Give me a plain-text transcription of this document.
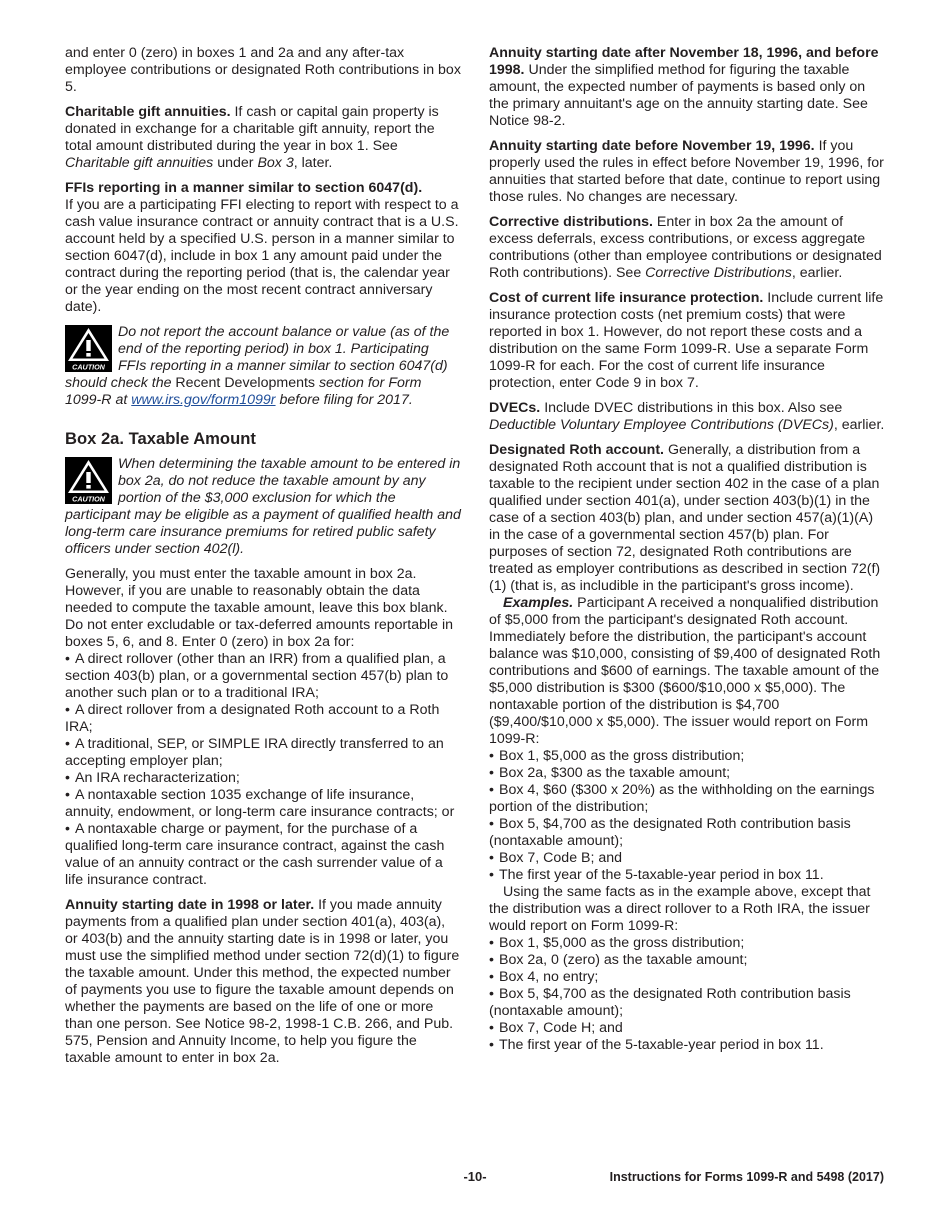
and enter 0 (zero) in boxes 1 and 2a and any after-tax employee contributions or designated Roth contributions in box 5.

Charitable gift annuities. If cash or capital gain property is donated in exchange for a charitable gift annuity, report the total amount distributed during the year in box 1. See Charitable gift annuities under Box 3, later.

FFIs reporting in a manner similar to section 6047(d).
If you are a participating FFI electing to report with respect to a cash value insurance contract or annuity contract that is a U.S. account held by a specified U.S. person in a manner similar to section 6047(d), include in box 1 any amount paid under the contract during the reporting period (that is, the calendar year or the year ending on the most recent contract anniversary date).

CAUTION
Do not report the account balance or value (as of the end of the reporting period) in box 1. Participating FFIs reporting in a manner similar to section 6047(d) should check the Recent Developments section for Form 1099-R at www.irs.gov/form1099r before filing for 2017.
Box 2a. Taxable Amount
CAUTION
When determining the taxable amount to be entered in box 2a, do not reduce the taxable amount by any portion of the $3,000 exclusion for which the participant may be eligible as a payment of qualified health and long-term care insurance premiums for retired public safety officers under section 402(l).

Generally, you must enter the taxable amount in box 2a. However, if you are unable to reasonably obtain the data needed to compute the taxable amount, leave this box blank. Do not enter excludable or tax-deferred amounts reportable in boxes 5, 6, and 8. Enter 0 (zero) in box 2a for:

• A direct rollover (other than an IRR) from a qualified plan, a section 403(b) plan, or a governmental section 457(b) plan to another such plan or to a traditional IRA;
• A direct rollover from a designated Roth account to a Roth IRA;
• A traditional, SEP, or SIMPLE IRA directly transferred to an accepting employer plan;
• An IRA recharacterization;
• A nontaxable section 1035 exchange of life insurance, annuity, endowment, or long-term care insurance contracts; or
• A nontaxable charge or payment, for the purchase of a qualified long-term care insurance contract, against the cash value of an annuity contract or the cash surrender value of a life insurance contract.

Annuity starting date in 1998 or later. If you made annuity payments from a qualified plan under section 401(a), 403(a), or 403(b) and the annuity starting date is in 1998 or later, you must use the simplified method under section 72(d)(1) to figure the taxable amount. Under this method, the expected number of payments you use to figure the taxable amount depends on whether the payments are based on the life of one or more than one person. See Notice 98-2, 1998-1 C.B. 266, and Pub. 575, Pension and Annuity Income, to help you figure the taxable amount to enter in box 2a.

Annuity starting date after November 18, 1996, and before 1998. Under the simplified method for figuring the taxable amount, the expected number of payments is based only on the primary annuitant's age on the annuity starting date. See Notice 98-2.

Annuity starting date before November 19, 1996. If you properly used the rules in effect before November 19, 1996, for annuities that started before that date, continue to report using those rules. No changes are necessary.

Corrective distributions. Enter in box 2a the amount of excess deferrals, excess contributions, or excess aggregate contributions (other than employee contributions or designated Roth contributions). See Corrective Distributions, earlier.

Cost of current life insurance protection. Include current life insurance protection costs (net premium costs) that were reported in box 1. However, do not report these costs and a distribution on the same Form 1099-R. Use a separate Form 1099-R for each. For the cost of current life insurance protection, enter Code 9 in box 7.

DVECs. Include DVEC distributions in this box. Also see Deductible Voluntary Employee Contributions (DVECs), earlier.

Designated Roth account. Generally, a distribution from a designated Roth account that is not a qualified distribution is taxable to the recipient under section 402 in the case of a plan qualified under section 401(a), under section 403(b)(1) in the case of a section 403(b) plan, and under section 457(a)(1)(A) in the case of a governmental section 457(b) plan. For purposes of section 72, designated Roth contributions are treated as employer contributions as described in section 72(f)(1) (that is, as includible in the participant's gross income).

Examples. Participant A received a nonqualified distribution of $5,000 from the participant's designated Roth account. Immediately before the distribution, the participant's account balance was $10,000, consisting of $9,400 of designated Roth contributions and $600 of earnings. The taxable amount of the $5,000 distribution is $300 ($600/$10,000 x $5,000). The nontaxable portion of the distribution is $4,700 ($9,400/$10,000 x $5,000). The issuer would report on Form 1099-R:

• Box 1, $5,000 as the gross distribution;
• Box 2a, $300 as the taxable amount;
• Box 4, $60 ($300 x 20%) as the withholding on the earnings portion of the distribution;
• Box 5, $4,700 as the designated Roth contribution basis (nontaxable amount);
• Box 7, Code B; and
• The first year of the 5-taxable-year period in box 11.

Using the same facts as in the example above, except that the distribution was a direct rollover to a Roth IRA, the issuer would report on Form 1099-R:

• Box 1, $5,000 as the gross distribution;
• Box 2a, 0 (zero) as the taxable amount;
• Box 4, no entry;
• Box 5, $4,700 as the designated Roth contribution basis (nontaxable amount);
• Box 7, Code H; and
• The first year of the 5-taxable-year period in box 11.
-10-	Instructions for Forms 1099-R and 5498 (2017)
